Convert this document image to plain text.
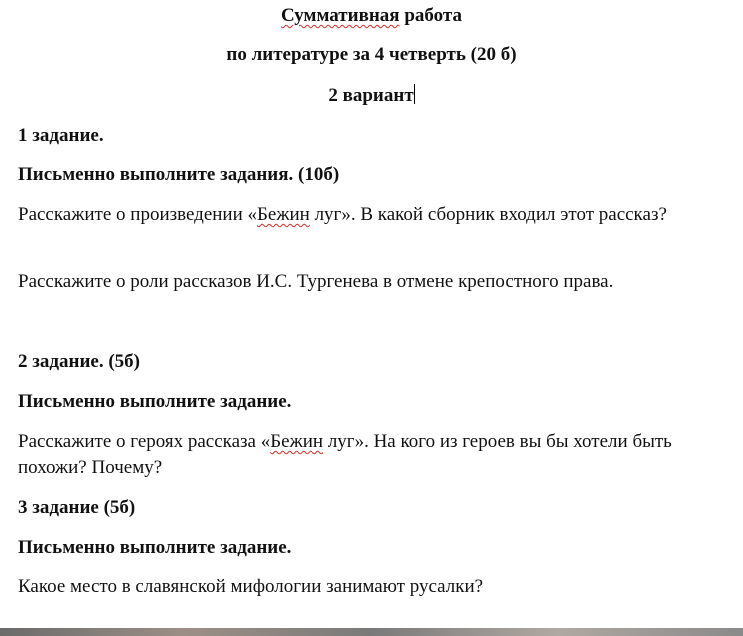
Суммативная работа
по литературе за 4 четверть (20 б)
2 вариант
1 задание.
Письменно выполните задания. (10б)
Расскажите о произведении «Бежин луг». В какой сборник входил этот рассказ?
Расскажите о роли рассказов И.С. Тургенева в отмене крепостного права.
2 задание. (5б)
Письменно выполните задание.
Расскажите о героях рассказа «Бежин луг». На кого из героев вы бы хотели быть похожи? Почему?
3 задание (5б)
Письменно выполните задание.
Какое место в славянской мифологии занимают русалки?
